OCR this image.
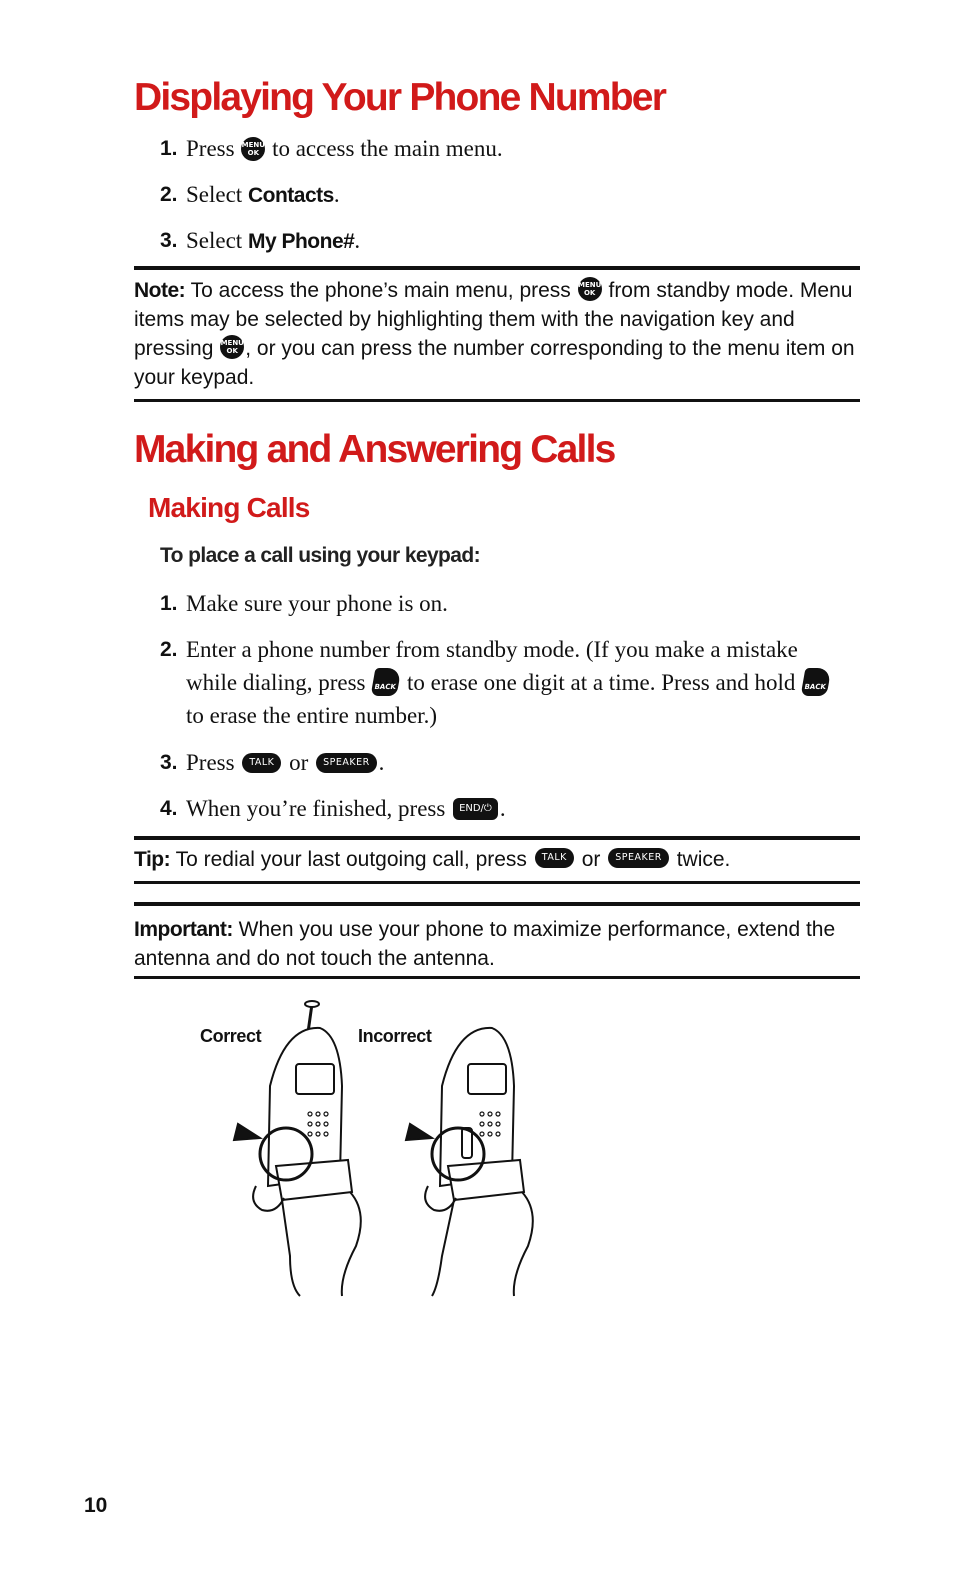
Displaying Your Phone Number
1. Press MENU
OK to access the main menu.
2. Select Contacts.
3. Select My Phone#.
Note: To access the phone’s main menu, press MENU
OK from standby mode. Menu items may be selected by highlighting them with the navigation key and pressing MENU
OK , or you can press the number corresponding to the menu item on your keypad.
Making and Answering Calls
Making Calls
To place a call using your keypad:
1. Make sure your phone is on.
2. Enter a phone number from standby mode. (If you make a mistake while dialing, press BACK to erase one digit at a time. Press and hold BACK to erase the entire number.)
3. Press TALK or SPEAKER .
4. When you’re finished, press END/⏻ .
Tip: To redial your last outgoing call, press TALK or SPEAKER twice.
Important: When you use your phone to maximize performance, extend the antenna and do not touch the antenna.
Correct	Incorrect
10
